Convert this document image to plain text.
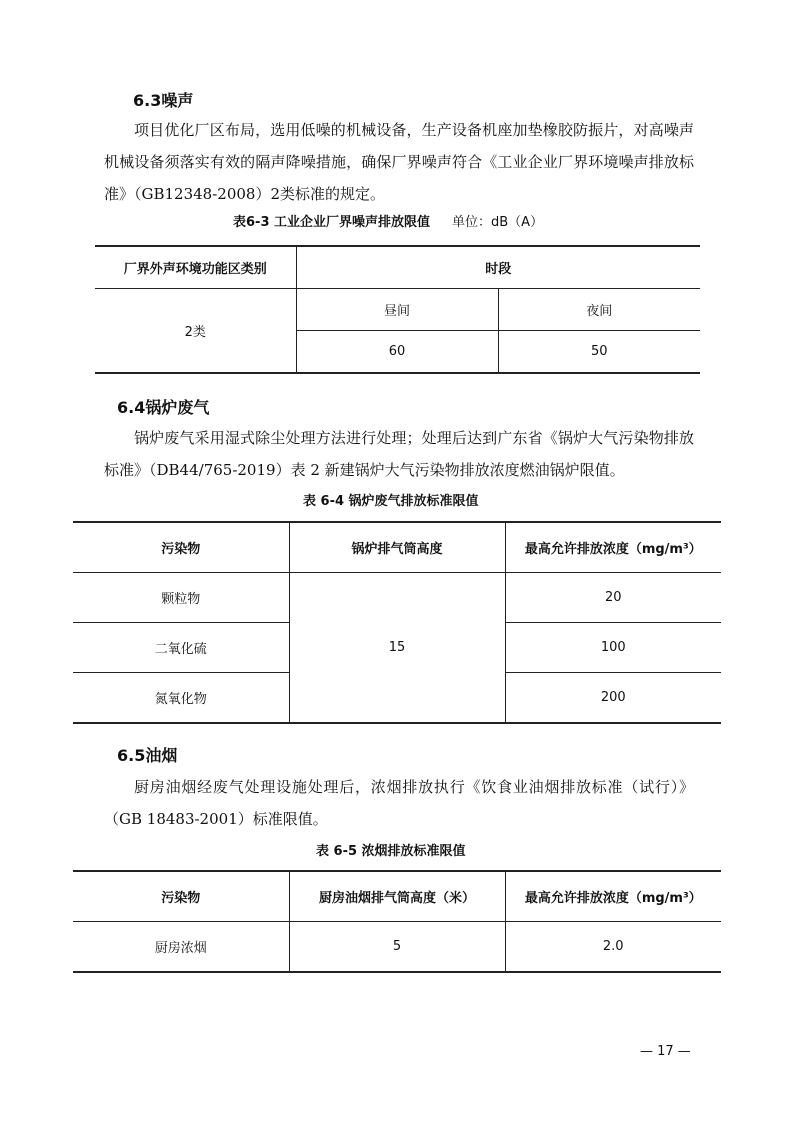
6.3噪声
项目优化厂区布局，选用低噪的机械设备，生产设备机座加垫橡胶防振片，对高噪声机械设备须落实有效的隔声降噪措施，确保厂界噪声符合《工业企业厂界环境噪声排放标准》（GB12348-2008）2类标准的规定。
表6-3 工业企业厂界噪声排放限值 单位：dB（A）
厂界外声环境功能区类别	时段	
2类	昼间	夜间
	60	50
6.4锅炉废气
锅炉废气采用湿式除尘处理方法进行处理；处理后达到广东省《锅炉大气污染物排放标准》（DB44/765-2019）表 2 新建锅炉大气污染物排放浓度燃油锅炉限值。
表 6-4 锅炉废气排放标准限值
污染物	锅炉排气筒高度	最高允许排放浓度（mg/m³）
颗粒物	15	20
二氧化硫		100
氮氧化物		200
6.5油烟
厨房油烟经废气处理设施处理后，浓烟排放执行《饮食业油烟排放标准（试行）》（GB 18483-2001）标准限值。
表 6-5 浓烟排放标准限值
污染物	厨房油烟排气筒高度（米）	最高允许排放浓度（mg/m³）
厨房浓烟	5	2.0
— 17 —
